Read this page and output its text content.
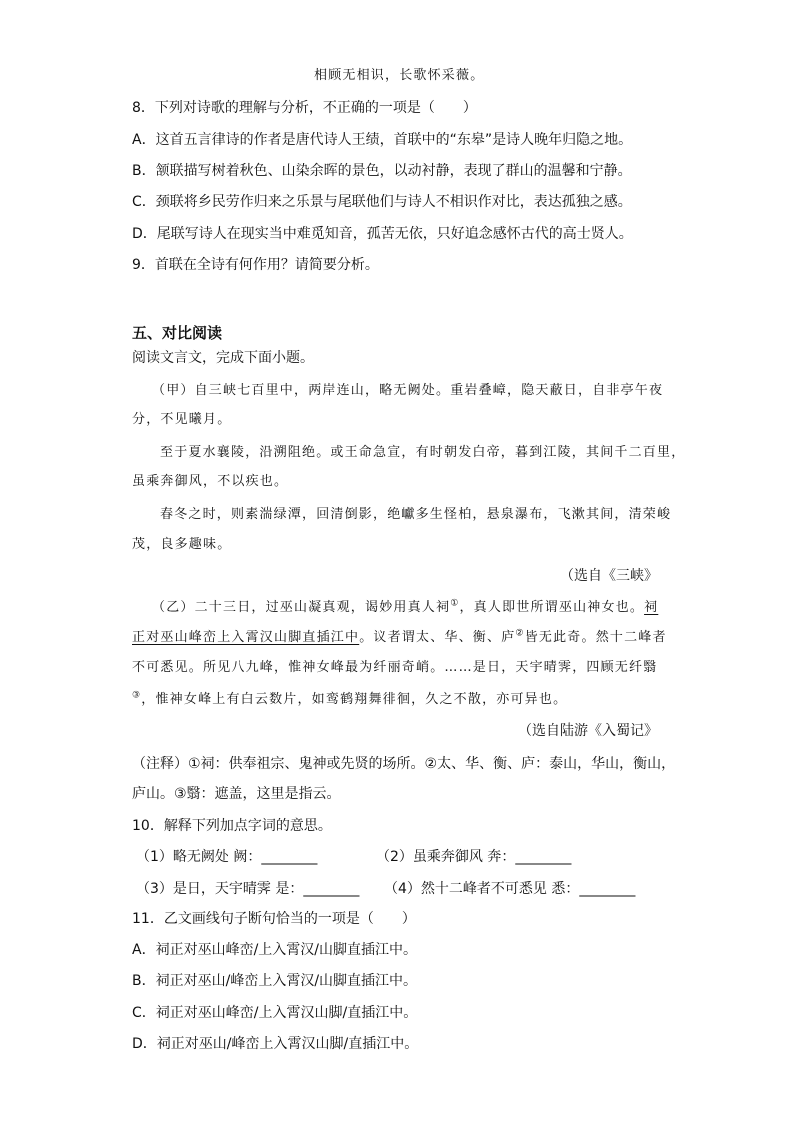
相顾无相识，长歌怀采薇。

8．下列对诗歌的理解与分析，不正确的一项是（　　）

A．这首五言律诗的作者是唐代诗人王绩，首联中的“东皋”是诗人晚年归隐之地。

B．颔联描写树着秋色、山染余晖的景色，以动衬静，表现了群山的温馨和宁静。

C．颈联将乡民劳作归来之乐景与尾联他们与诗人不相识作对比，表达孤独之感。

D．尾联写诗人在现实当中难觅知音，孤苦无依，只好追念感怀古代的高士贤人。

9．首联在全诗有何作用？请简要分析。

五、对比阅读

阅读文言文，完成下面小题。

（甲）自三峡七百里中，两岸连山，略无阙处。重岩叠嶂，隐天蔽日，自非亭午夜

分，不见曦月。

至于夏水襄陵，沿溯阻绝。或王命急宣，有时朝发白帝，暮到江陵，其间千二百里，

虽乘奔御风，不以疾也。

春冬之时，则素湍绿潭，回清倒影，绝巘多生怪柏，悬泉瀑布，飞漱其间，清荣峻

茂，良多趣味。

（选自《三峡》

（乙）二十三日，过巫山凝真观，谒妙用真人祠①，真人即世所谓巫山神女也。祠

正对巫山峰峦上入霄汉山脚直插江中。议者谓太、华、衡、庐②皆无此奇。然十二峰者

不可悉见。所见八九峰，惟神女峰最为纤丽奇峭。……是日，天宇晴霁，四顾无纤翳

③，惟神女峰上有白云数片，如鸾鹤翔舞徘徊，久之不散，亦可异也。

（选自陆游《入蜀记》

（注释）①祠：供奉祖宗、鬼神或先贤的场所。②太、华、衡、庐：泰山，华山，衡山，

庐山。③翳：遮盖，这里是指云。

10．解释下列加点字词的意思。

（1）略无阙处 阙：________	（2）虽乘奔御风 奔：________

（3）是日，天宇晴霁 是：________ （4）然十二峰者不可悉见 悉：________

11．乙文画线句子断句恰当的一项是（　　）

A．祠正对巫山峰峦/上入霄汉/山脚直插江中。

B．祠正对巫山/峰峦上入霄汉/山脚直插江中。

C．祠正对巫山峰峦/上入霄汉山脚/直插江中。

D．祠正对巫山/峰峦上入霄汉山脚/直插江中。
